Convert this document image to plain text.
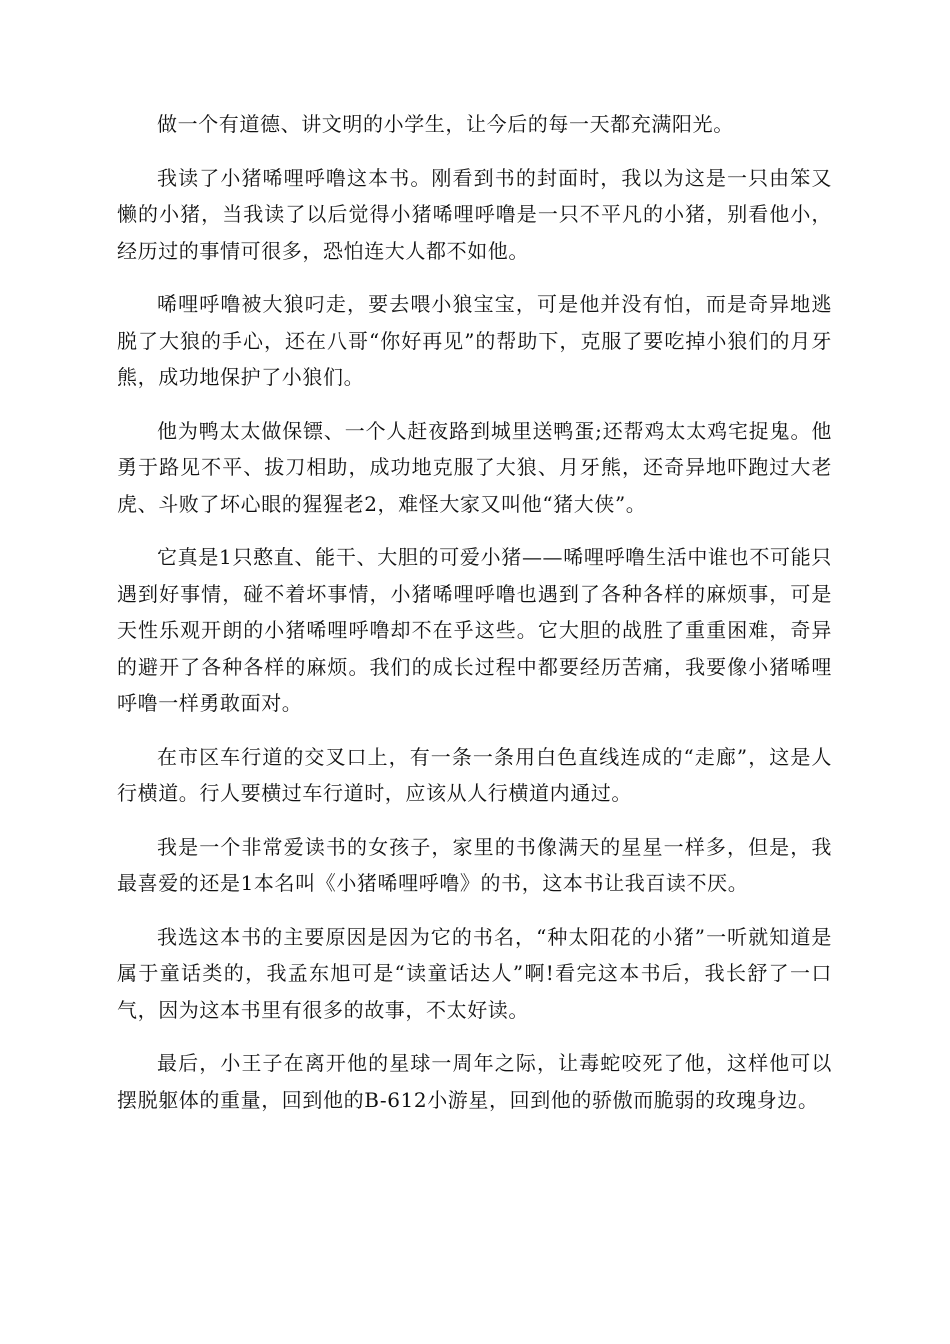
做一个有道德、讲文明的小学生，让今后的每一天都充满阳光。

我读了小猪唏哩呼噜这本书。刚看到书的封面时，我以为这是一只由笨又懒的小猪，当我读了以后觉得小猪唏哩呼噜是一只不平凡的小猪，别看他小，经历过的事情可很多，恐怕连大人都不如他。

唏哩呼噜被大狼叼走，要去喂小狼宝宝，可是他并没有怕，而是奇异地逃脱了大狼的手心，还在八哥“你好再见”的帮助下，克服了要吃掉小狼们的月牙熊，成功地保护了小狼们。

他为鸭太太做保镖、一个人赶夜路到城里送鸭蛋;还帮鸡太太鸡宅捉鬼。他勇于路见不平、拔刀相助，成功地克服了大狼、月牙熊，还奇异地吓跑过大老虎、斗败了坏心眼的猩猩老2，难怪大家又叫他“猪大侠”。

它真是1只憨直、能干、大胆的可爱小猪——唏哩呼噜生活中谁也不可能只遇到好事情，碰不着坏事情，小猪唏哩呼噜也遇到了各种各样的麻烦事，可是天性乐观开朗的小猪唏哩呼噜却不在乎这些。它大胆的战胜了重重困难，奇异的避开了各种各样的麻烦。我们的成长过程中都要经历苦痛，我要像小猪唏哩呼噜一样勇敢面对。

在市区车行道的交叉口上，有一条一条用白色直线连成的“走廊”，这是人行横道。行人要横过车行道时，应该从人行横道内通过。

我是一个非常爱读书的女孩子，家里的书像满天的星星一样多，但是，我最喜爱的还是1本名叫《小猪唏哩呼噜》的书，这本书让我百读不厌。

我选这本书的主要原因是因为它的书名，“种太阳花的小猪”一听就知道是属于童话类的，我孟东旭可是“读童话达人”啊!看完这本书后，我长舒了一口气，因为这本书里有很多的故事，不太好读。

最后，小王子在离开他的星球一周年之际，让毒蛇咬死了他，这样他可以摆脱躯体的重量，回到他的B-612小游星，回到他的骄傲而脆弱的玫瑰身边。
